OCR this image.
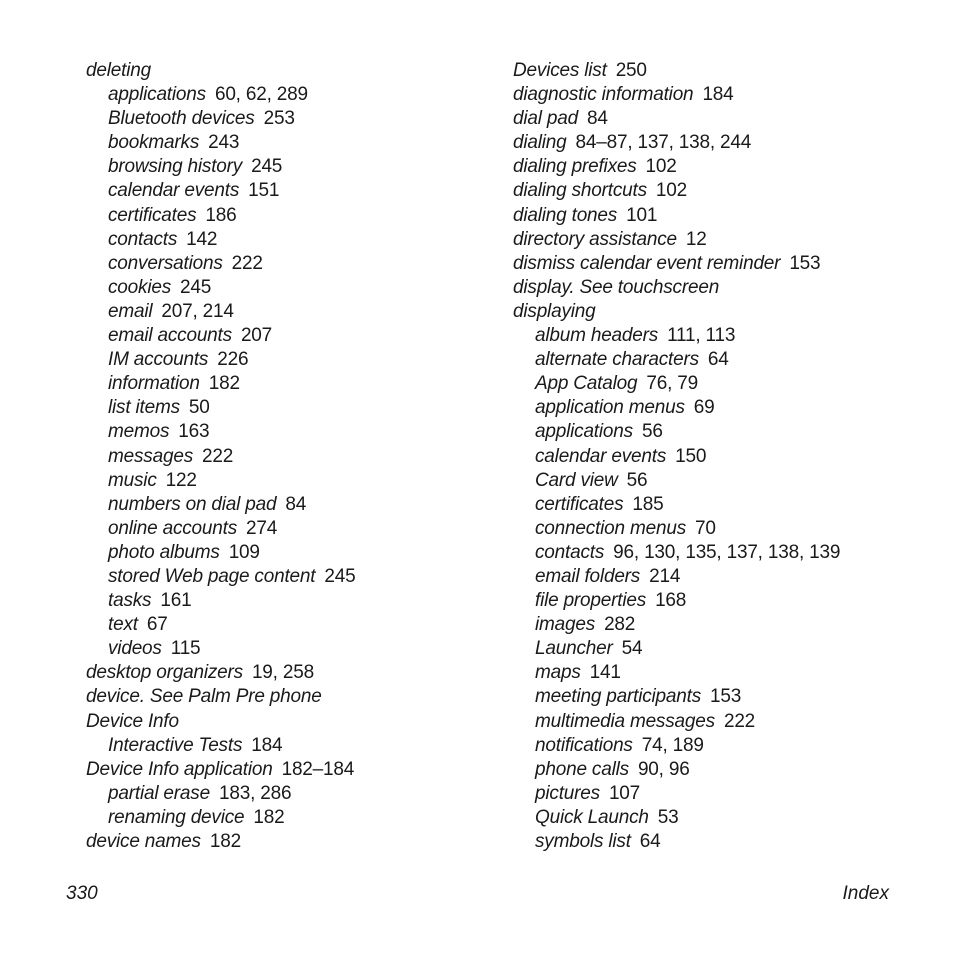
deleting
applications 60, 62, 289
Bluetooth devices 253
bookmarks 243
browsing history 245
calendar events 151
certificates 186
contacts 142
conversations 222
cookies 245
email 207, 214
email accounts 207
IM accounts 226
information 182
list items 50
memos 163
messages 222
music 122
numbers on dial pad 84
online accounts 274
photo albums 109
stored Web page content 245
tasks 161
text 67
videos 115
desktop organizers 19, 258
device. See Palm Pre phone
Device Info
Interactive Tests 184
Device Info application 182–184
partial erase 183, 286
renaming device 182
device names 182
Devices list 250
diagnostic information 184
dial pad 84
dialing 84–87, 137, 138, 244
dialing prefixes 102
dialing shortcuts 102
dialing tones 101
directory assistance 12
dismiss calendar event reminder 153
display. See touchscreen
displaying
album headers 111, 113
alternate characters 64
App Catalog 76, 79
application menus 69
applications 56
calendar events 150
Card view 56
certificates 185
connection menus 70
contacts 96, 130, 135, 137, 138, 139
email folders 214
file properties 168
images 282
Launcher 54
maps 141
meeting participants 153
multimedia messages 222
notifications 74, 189
phone calls 90, 96
pictures 107
Quick Launch 53
symbols list 64
330	Index
